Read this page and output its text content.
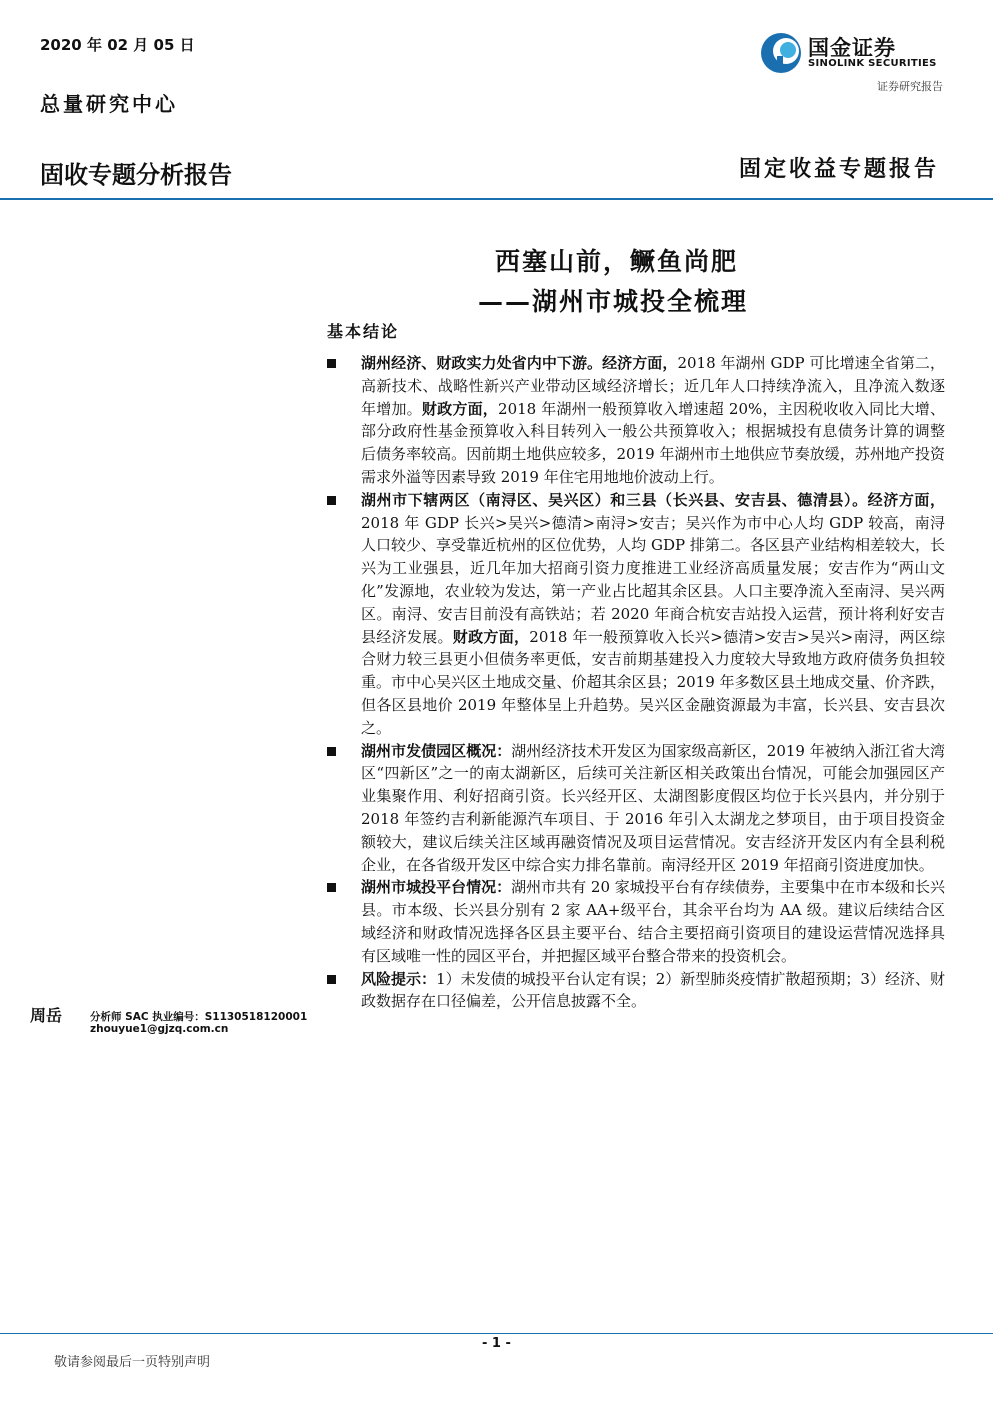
2020 年 02 月 05 日
总量研究中心
固收专题分析报告	固定收益专题报告
国金证券
SINOLINK SECURITIES
证券研究报告
西塞山前，鳜鱼尚肥
——湖州市城投全梳理
基本结论

湖州经济、财政实力处省内中下游。经济方面，2018 年湖州 GDP 可比增速全省第二，高新技术、战略性新兴产业带动区域经济增长；近几年人口持续净流入，且净流入数逐年增加。财政方面，2018 年湖州一般预算收入增速超 20%，主因税收收入同比大增、部分政府性基金预算收入科目转列入一般公共预算收入；根据城投有息债务计算的调整后债务率较高。因前期土地供应较多，2019 年湖州市土地供应节奏放缓，苏州地产投资需求外溢等因素导致 2019 年住宅用地地价波动上行。

湖州市下辖两区（南浔区、吴兴区）和三县（长兴县、安吉县、德清县）。经济方面，2018 年 GDP 长兴>吴兴>德清>南浔>安吉；吴兴作为市中心人均 GDP 较高，南浔人口较少、享受靠近杭州的区位优势，人均 GDP 排第二。各区县产业结构相差较大，长兴为工业强县，近几年加大招商引资力度推进工业经济高质量发展；安吉作为“两山文化”发源地，农业较为发达，第一产业占比超其余区县。人口主要净流入至南浔、吴兴两区。南浔、安吉目前没有高铁站；若 2020 年商合杭安吉站投入运营，预计将利好安吉县经济发展。财政方面，2018 年一般预算收入长兴>德清>安吉>吴兴>南浔，两区综合财力较三县更小但债务率更低，安吉前期基建投入力度较大导致地方政府债务负担较重。市中心吴兴区土地成交量、价超其余区县；2019 年多数区县土地成交量、价齐跌，但各区县地价 2019 年整体呈上升趋势。吴兴区金融资源最为丰富，长兴县、安吉县次之。

湖州市发债园区概况：湖州经济技术开发区为国家级高新区，2019 年被纳入浙江省大湾区“四新区”之一的南太湖新区，后续可关注新区相关政策出台情况，可能会加强园区产业集聚作用、利好招商引资。长兴经开区、太湖图影度假区均位于长兴县内，并分别于 2018 年签约吉利新能源汽车项目、于 2016 年引入太湖龙之梦项目，由于项目投资金额较大，建议后续关注区域再融资情况及项目运营情况。安吉经济开发区内有全县利税企业，在各省级开发区中综合实力排名靠前。南浔经开区 2019 年招商引资进度加快。

湖州市城投平台情况：湖州市共有 20 家城投平台有存续债券，主要集中在市本级和长兴县。市本级、长兴县分别有 2 家 AA+级平台，其余平台均为 AA 级。建议后续结合区域经济和财政情况选择各区县主要平台、结合主要招商引资项目的建设运营情况选择具有区域唯一性的园区平台，并把握区域平台整合带来的投资机会。

风险提示：1）未发债的城投平台认定有误；2）新型肺炎疫情扩散超预期；3）经济、财政数据存在口径偏差，公开信息披露不全。

周岳	分析师 SAC 执业编号：S1130518120001
zhouyue1@gjzq.com.cn
- 1 -
敬请参阅最后一页特别声明
